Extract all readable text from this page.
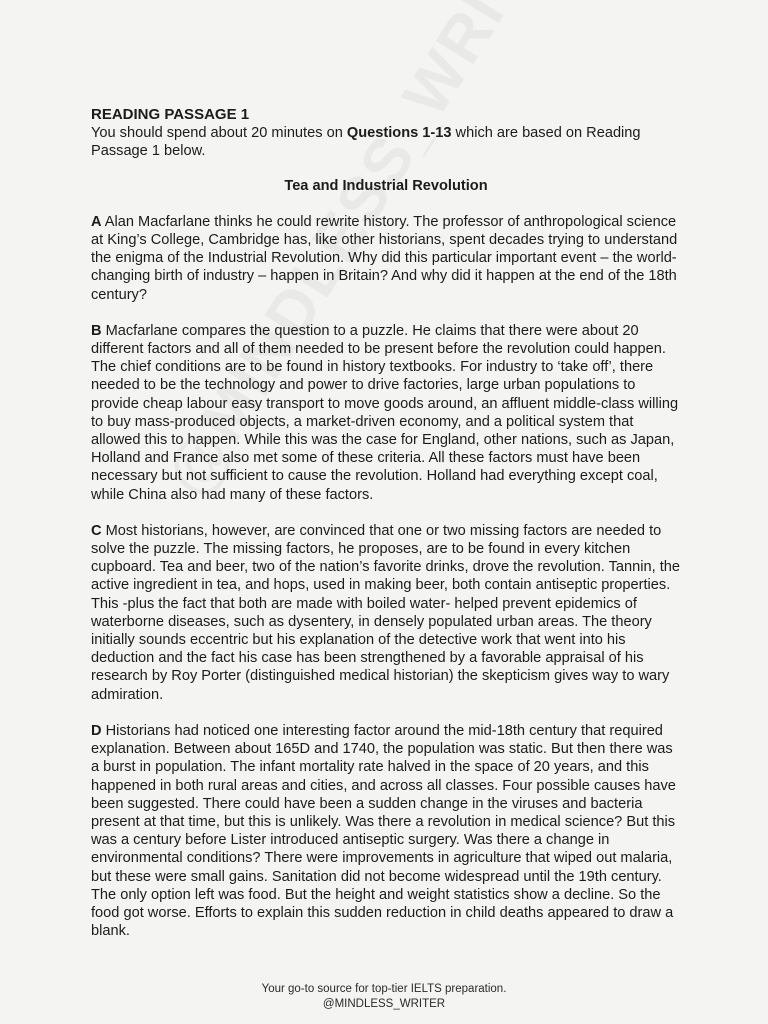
READING PASSAGE 1

You should spend about 20 minutes on Questions 1-13 which are based on Reading Passage 1 below.

Tea and Industrial Revolution

A Alan Macfarlane thinks he could rewrite history. The professor of anthropological science at King’s College, Cambridge has, like other historians, spent decades trying to understand the enigma of the Industrial Revolution. Why did this particular important event – the world-changing birth of industry – happen in Britain? And why did it happen at the end of the 18th century?

B Macfarlane compares the question to a puzzle. He claims that there were about 20 different factors and all of them needed to be present before the revolution could happen. The chief conditions are to be found in history textbooks. For industry to ‘take off’, there needed to be the technology and power to drive factories, large urban populations to provide cheap labour easy transport to move goods around, an affluent middle-class willing to buy mass-produced objects, a market-driven economy, and a political system that allowed this to happen. While this was the case for England, other nations, such as Japan, Holland and France also met some of these criteria. All these factors must have been necessary but not sufficient to cause the revolution. Holland had everything except coal, while China also had many of these factors.

C Most historians, however, are convinced that one or two missing factors are needed to solve the puzzle. The missing factors, he proposes, are to be found in every kitchen cupboard. Tea and beer, two of the nation’s favorite drinks, drove the revolution. Tannin, the active ingredient in tea, and hops, used in making beer, both contain antiseptic properties. This -plus the fact that both are made with boiled water- helped prevent epidemics of waterborne diseases, such as dysentery, in densely populated urban areas. The theory initially sounds eccentric but his explanation of the detective work that went into his deduction and the fact his case has been strengthened by a favorable appraisal of his research by Roy Porter (distinguished medical historian) the skepticism gives way to wary admiration.

D Historians had noticed one interesting factor around the mid-18th century that required explanation. Between about 165D and 1740, the population was static. But then there was a burst in population. The infant mortality rate halved in the space of 20 years, and this happened in both rural areas and cities, and across all classes. Four possible causes have been suggested. There could have been a sudden change in the viruses and bacteria present at that time, but this is unlikely. Was there a revolution in medical science? But this was a century before Lister introduced antiseptic surgery. Was there a change in environmental conditions? There were improvements in agriculture that wiped out malaria, but these were small gains. Sanitation did not become widespread until the 19th century. The only option left was food. But the height and weight statistics show a decline. So the food got worse. Efforts to explain this sudden reduction in child deaths appeared to draw a blank.

Your go-to source for top-tier IELTS preparation.
@MINDLESS_WRITER
